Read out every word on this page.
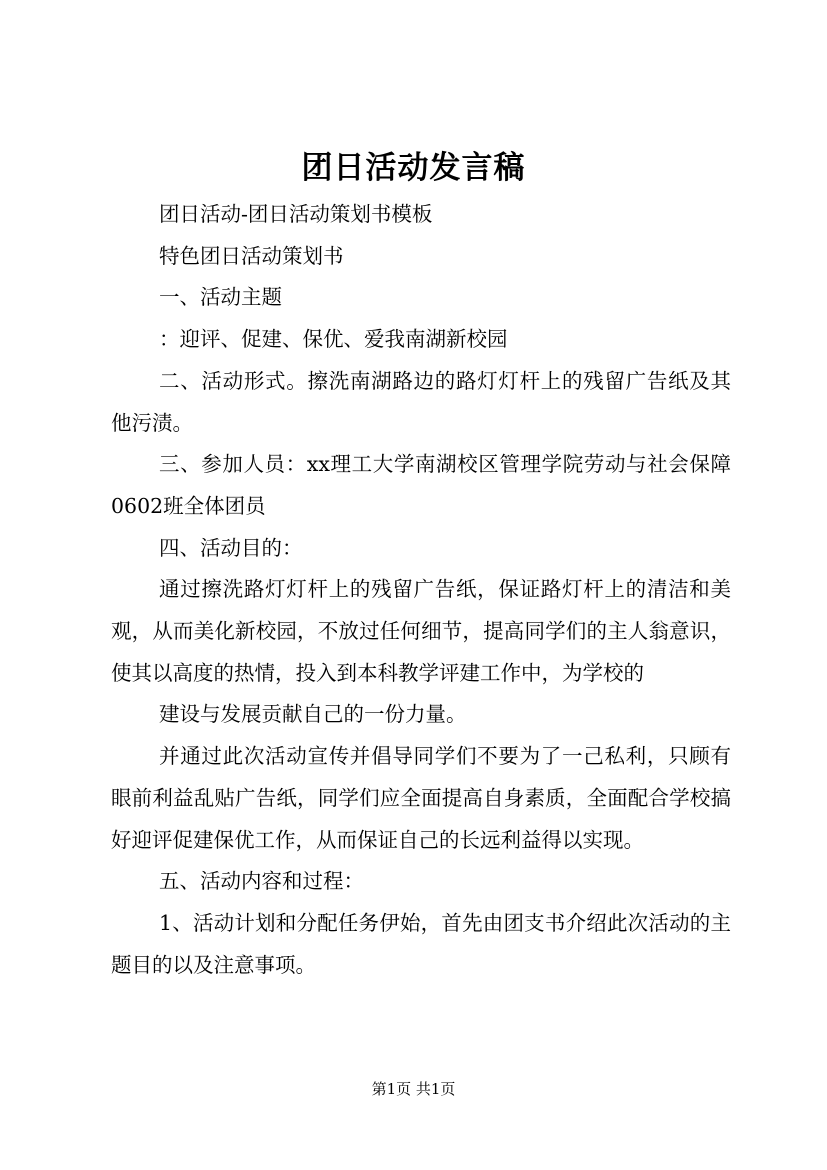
团日活动发言稿

团日活动-团日活动策划书模板

特色团日活动策划书

一、活动主题

：迎评、促建、保优、爱我南湖新校园

二、活动形式。擦洗南湖路边的路灯灯杆上的残留广告纸及其他污渍。

三、参加人员：xx理工大学南湖校区管理学院劳动与社会保障0602班全体团员

四、活动目的：

通过擦洗路灯灯杆上的残留广告纸，保证路灯杆上的清洁和美观，从而美化新校园，不放过任何细节，提高同学们的主人翁意识，使其以高度的热情，投入到本科教学评建工作中，为学校的

建设与发展贡献自己的一份力量。

并通过此次活动宣传并倡导同学们不要为了一己私利，只顾有眼前利益乱贴广告纸，同学们应全面提高自身素质，全面配合学校搞好迎评促建保优工作，从而保证自己的长远利益得以实现。

五、活动内容和过程：

1、活动计划和分配任务伊始，首先由团支书介绍此次活动的主题目的以及注意事项。

第1页 共1页
